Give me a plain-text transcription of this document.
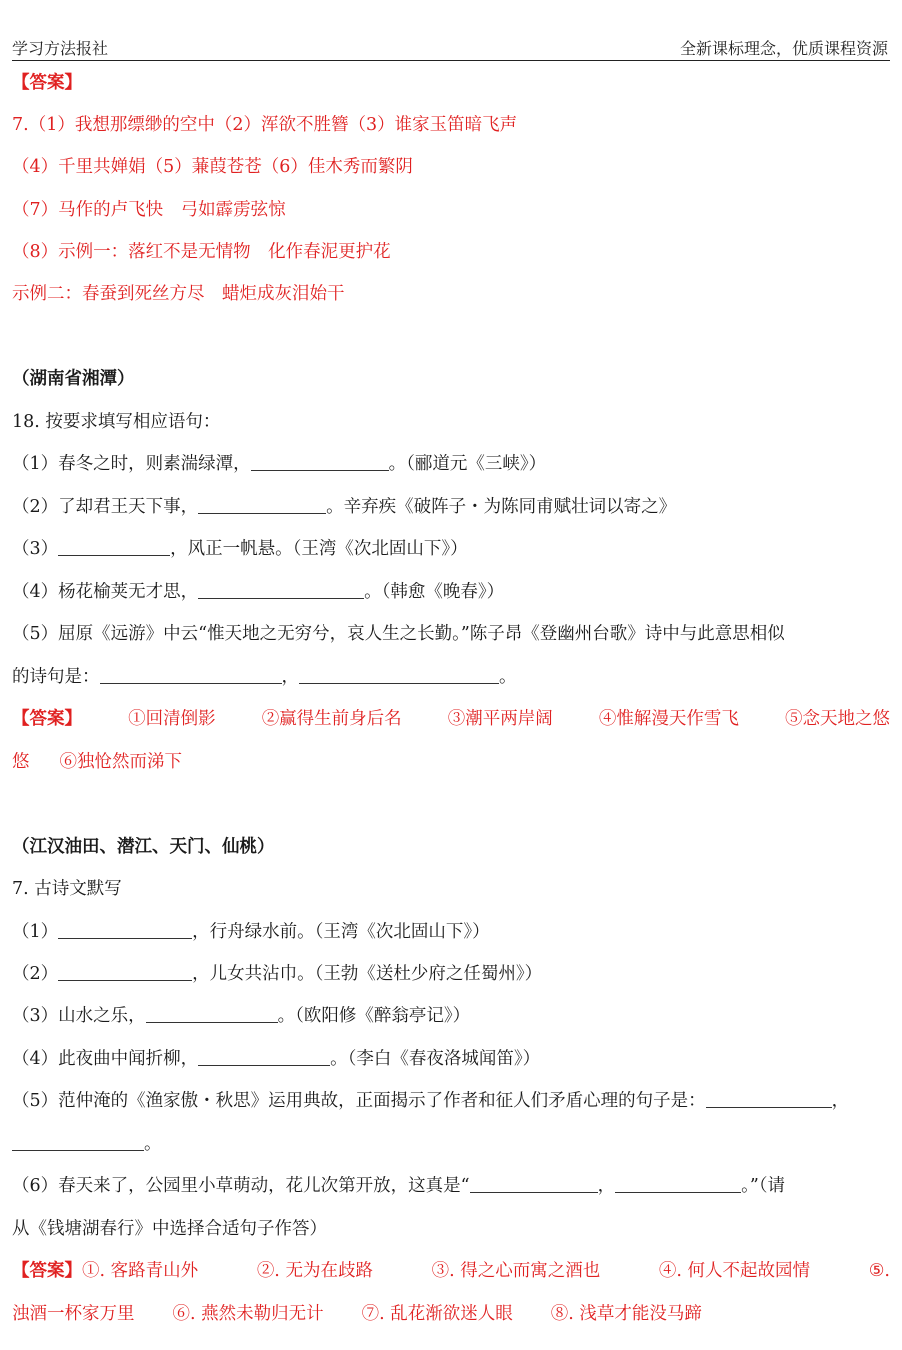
学习方法报社	全新课标理念，优质课程资源
【答案】
7.（1）我想那缥缈的空中（2）浑欲不胜簪（3）谁家玉笛暗飞声
（4）千里共婵娟（5）蒹葭苍苍（6）佳木秀而繁阴
（7）马作的卢飞快　弓如霹雳弦惊
（8）示例一：落红不是无情物　化作春泥更护花
示例二：春蚕到死丝方尽　蜡炬成灰泪始干
（湖南省湘潭）
18. 按要求填写相应语句：
（1）春冬之时，则素湍绿潭，	。（郦道元《三峡》）
（2）了却君王天下事，	。辛弃疾《破阵子・为陈同甫赋壮词以寄之》
（3）	，风正一帆悬。（王湾《次北固山下》）
（4）杨花榆荚无才思，	。（韩愈《晚春》）
（5）屈原《远游》中云“惟天地之无穷兮，哀人生之长勤。”陈子昂《登幽州台歌》诗中与此意思相似
的诗句是：	，	。
【答案】	①回清倒影	②赢得生前身后名	③潮平两岸阔	④惟解漫天作雪飞	⑤念天地之悠
悠 ⑥独怆然而涕下
（江汉油田、潜江、天门、仙桃）
7. 古诗文默写
（1）	，行舟绿水前。（王湾《次北固山下》）
（2）	，儿女共沾巾。（王勃《送杜少府之任蜀州》）
（3）山水之乐，	。（欧阳修《醉翁亭记》）
（4）此夜曲中闻折柳，	。（李白《春夜洛城闻笛》）
（5）范仲淹的《渔家傲・秋思》运用典故，正面揭示了作者和征人们矛盾心理的句子是：	，
。
（6）春天来了，公园里小草萌动，花儿次第开放，这真是“	，	。”（请
从《钱塘湖春行》中选择合适句子作答）
【答案】①. 客路青山外	②. 无为在歧路	③. 得之心而寓之酒也	④. 何人不起故园情	⑤.
浊酒一杯家万里 ⑥. 燕然未勒归无计 ⑦. 乱花渐欲迷人眼 ⑧. 浅草才能没马蹄
